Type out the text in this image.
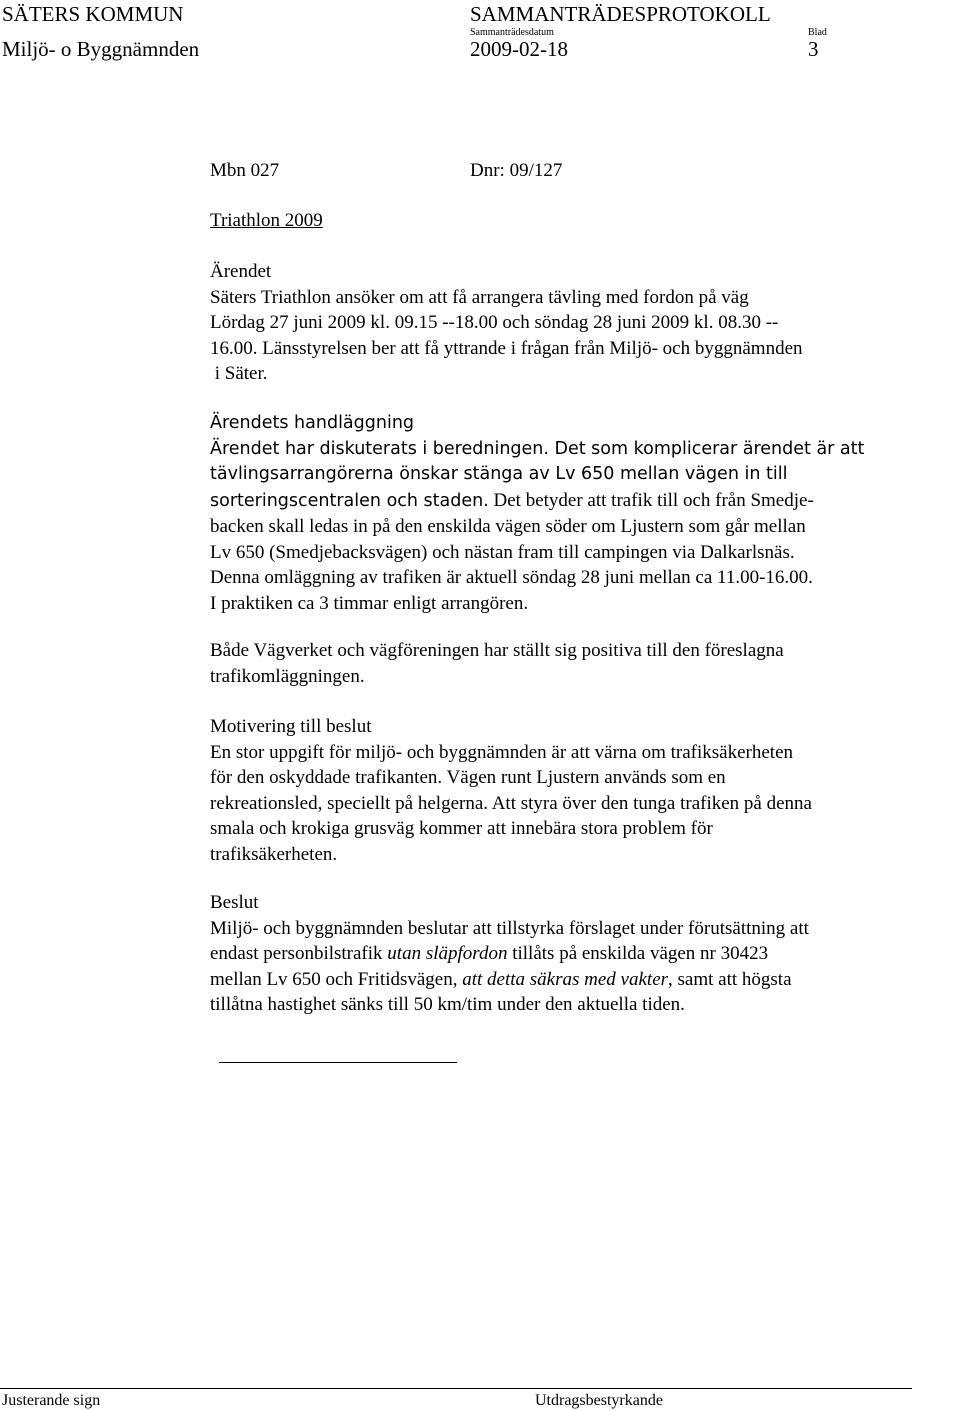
SÄTERS KOMMUN	SAMMANTRÄDESPROTOKOLL
Sammanträdesdatum	Blad
Miljö- o Byggnämnden	2009-02-18	3
Mbn 027	Dnr: 09/127
Triathlon 2009
Ärendet
Säters Triathlon ansöker om att få arrangera tävling med fordon på väg
Lördag 27 juni 2009 kl. 09.15 --18.00 och söndag 28 juni 2009 kl. 08.30 --
16.00. Länsstyrelsen ber att få yttrande i frågan från Miljö- och byggnämnden
i Säter.
Ärendets handläggning
Ärendet har diskuterats i beredningen. Det som komplicerar ärendet är att
tävlingsarrangörerna önskar stänga av Lv 650 mellan vägen in till
sorteringscentralen och staden. Det betyder att trafik till och från Smedje-
backen skall ledas in på den enskilda vägen söder om Ljustern som går mellan
Lv 650 (Smedjebacksvägen) och nästan fram till campingen via Dalkarlsnäs.
Denna omläggning av trafiken är aktuell söndag 28 juni mellan ca 11.00-16.00.
I praktiken ca 3 timmar enligt arrangören.
Både Vägverket och vägföreningen har ställt sig positiva till den föreslagna
trafikomläggningen.
Motivering till beslut
En stor uppgift för miljö- och byggnämnden är att värna om trafiksäkerheten
för den oskyddade trafikanten. Vägen runt Ljustern används som en
rekreationsled, speciellt på helgerna. Att styra över den tunga trafiken på denna
smala och krokiga grusväg kommer att innebära stora problem för
trafiksäkerheten.
Beslut
Miljö- och byggnämnden beslutar att tillstyrka förslaget under förutsättning att
endast personbilstrafik utan släpfordon tillåts på enskilda vägen nr 30423
mellan Lv 650 och Fritidsvägen, att detta säkras med vakter, samt att högsta
tillåtna hastighet sänks till 50 km/tim under den aktuella tiden.
Justerande sign	Utdragsbestyrkande
